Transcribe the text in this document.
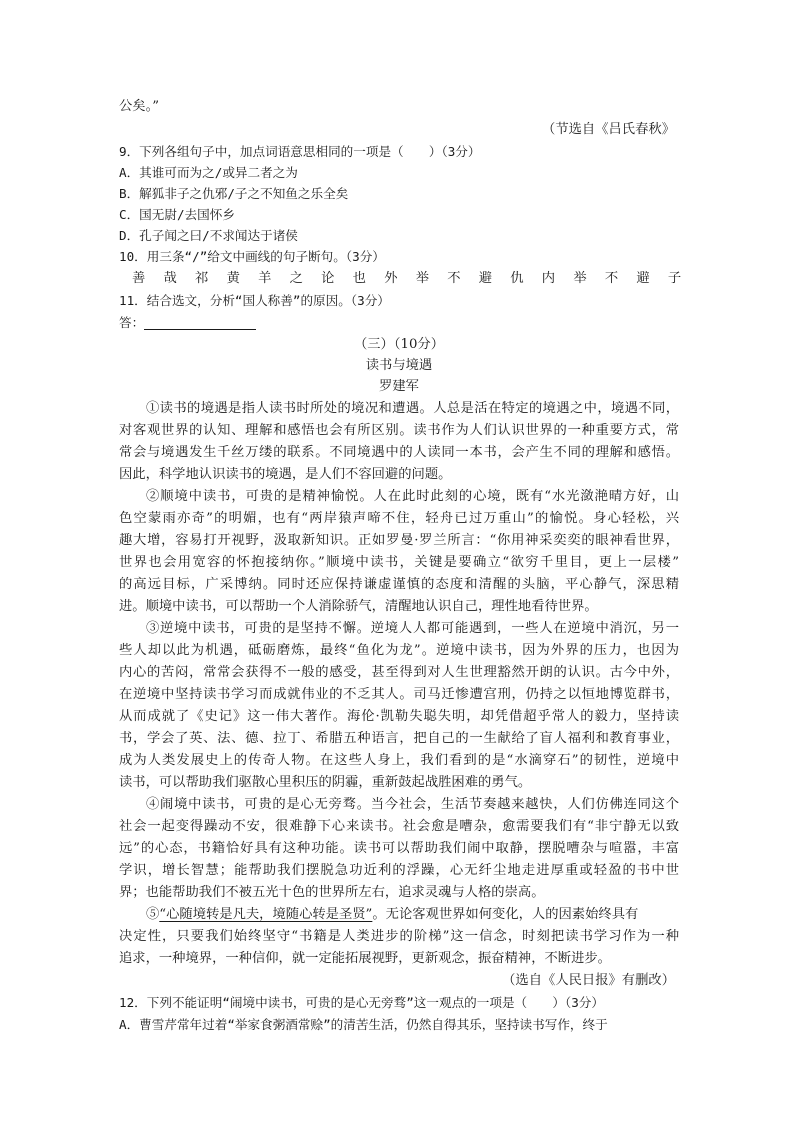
公矣。”
（节选自《吕氏春秋》
9．下列各组句子中，加点词语意思相同的一项是（　　）（3分）
A．其谁可而为之/或异二者之为
B．解狐非子之仇邪/子之不知鱼之乐全矣
C．国无尉/去国怀乡
D．孔子闻之曰/不求闻达于诸侯
10．用三条“/”给文中画线的句子断句。（3分）
善 哉 祁 黄 羊 之 论 也 外 举 不 避 仇 内 举 不 避 子
11．结合选文，分析“国人称善”的原因。（3分）
答：
（三）（10分）
读书与境遇
罗建军
①读书的境遇是指人读书时所处的境况和遭遇。人总是活在特定的境遇之中，境遇不同，
对客观世界的认知、理解和感悟也会有所区别。读书作为人们认识世界的一种重要方式，常
常会与境遇发生千丝万缕的联系。不同境遇中的人读同一本书，会产生不同的理解和感悟。
因此，科学地认识读书的境遇，是人们不容回避的问题。
②顺境中读书，可贵的是精神愉悦。人在此时此刻的心境，既有“水光潋滟晴方好，山
色空蒙雨亦奇”的明媚，也有“两岸猿声啼不住，轻舟已过万重山”的愉悦。身心轻松，兴
趣大增，容易打开视野，汲取新知识。正如罗曼·罗兰所言：“你用神采奕奕的眼神看世界，
世界也会用宽容的怀抱接纳你。”顺境中读书，关键是要确立“欲穷千里目，更上一层楼”
的高远目标，广采博纳。同时还应保持谦虚谨慎的态度和清醒的头脑，平心静气，深思精
进。顺境中读书，可以帮助一个人消除骄气，清醒地认识自己，理性地看待世界。
③逆境中读书，可贵的是坚持不懈。逆境人人都可能遇到，一些人在逆境中消沉，另一
些人却以此为机遇，砥砺磨炼，最终“鱼化为龙”。逆境中读书，因为外界的压力，也因为
内心的苦闷，常常会获得不一般的感受，甚至得到对人生世理豁然开朗的认识。古今中外，
在逆境中坚持读书学习而成就伟业的不乏其人。司马迁惨遭宫刑，仍持之以恒地博览群书，
从而成就了《史记》这一伟大著作。海伦·凯勒失聪失明，却凭借超乎常人的毅力，坚持读
书，学会了英、法、德、拉丁、希腊五种语言，把自己的一生献给了盲人福利和教育事业，
成为人类发展史上的传奇人物。在这些人身上，我们看到的是“水滴穿石”的韧性，逆境中
读书，可以帮助我们驱散心里积压的阴霾，重新鼓起战胜困难的勇气。
④闹境中读书，可贵的是心无旁骛。当今社会，生活节奏越来越快，人们仿佛连同这个
社会一起变得躁动不安，很难静下心来读书。社会愈是嘈杂，愈需要我们有“非宁静无以致
远”的心态，书籍恰好具有这种功能。读书可以帮助我们闹中取静，摆脱嘈杂与喧嚣，丰富
学识，增长智慧；能帮助我们摆脱急功近利的浮躁，心无纤尘地走进厚重或轻盈的书中世
界；也能帮助我们不被五光十色的世界所左右，追求灵魂与人格的崇高。
⑤“心随境转是凡夫，境随心转是圣贤”。无论客观世界如何变化，人的因素始终具有
决定性，只要我们始终坚守“书籍是人类进步的阶梯”这一信念，时刻把读书学习作为一种
追求，一种境界，一种信仰，就一定能拓展视野，更新观念，振奋精神，不断进步。
（选自《人民日报》有删改）
12．下列不能证明“闹境中读书，可贵的是心无旁骛”这一观点的一项是（　　）（3分）
A．曹雪芹常年过着“举家食粥酒常赊”的清苦生活，仍然自得其乐，坚持读书写作，终于
